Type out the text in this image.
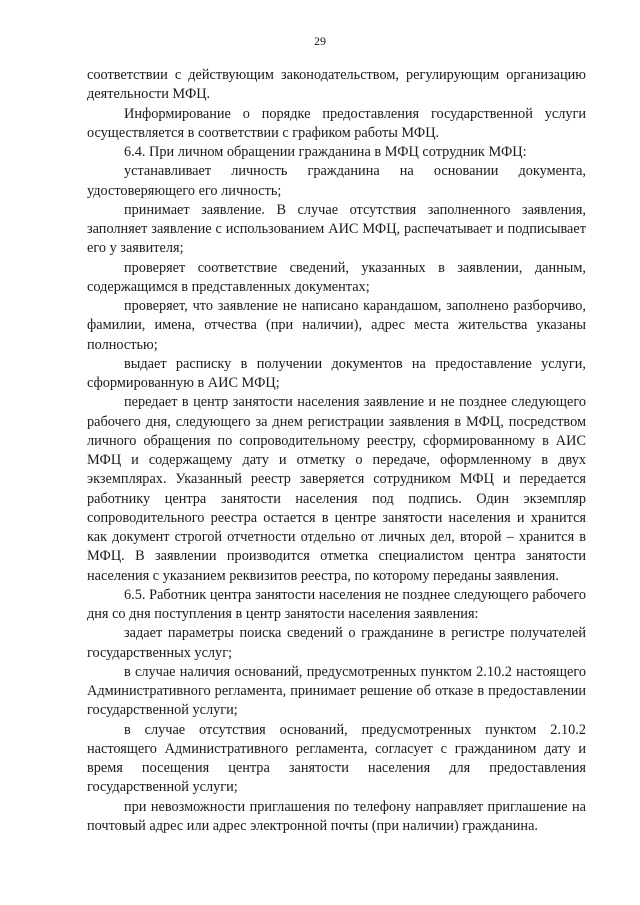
29

соответствии с действующим законодательством, регулирующим организацию деятельности МФЦ.

Информирование о порядке предоставления государственной услуги осуществляется в соответствии с графиком работы МФЦ.

6.4. При личном обращении гражданина в МФЦ сотрудник МФЦ:

устанавливает личность гражданина на основании документа, удостоверяющего его личность;

принимает заявление. В случае отсутствия заполненного заявления, заполняет заявление с использованием АИС МФЦ, распечатывает и подписывает его у заявителя;

проверяет соответствие сведений, указанных в заявлении, данным, содержащимся в представленных документах;

проверяет, что заявление не написано карандашом, заполнено разборчиво, фамилии, имена, отчества (при наличии), адрес места жительства указаны полностью;

выдает расписку в получении документов на предоставление услуги, сформированную в АИС МФЦ;

передает в центр занятости населения заявление и не позднее следующего рабочего дня, следующего за днем регистрации заявления в МФЦ, посредством личного обращения по сопроводительному реестру, сформированному в АИС МФЦ и содержащему дату и отметку о передаче, оформленному в двух экземплярах. Указанный реестр заверяется сотрудником МФЦ и передается работнику центра занятости населения под подпись. Один экземпляр сопроводительного реестра остается в центре занятости населения и хранится как документ строгой отчетности отдельно от личных дел, второй – хранится в МФЦ. В заявлении производится отметка специалистом центра занятости населения с указанием реквизитов реестра, по которому переданы заявления.

6.5. Работник центра занятости населения не позднее следующего рабочего дня со дня поступления в центр занятости населения заявления:

задает параметры поиска сведений о гражданине в регистре получателей государственных услуг;

в случае наличия оснований, предусмотренных пунктом 2.10.2 настоящего Административного регламента, принимает решение об отказе в предоставлении государственной услуги;

в случае отсутствия оснований, предусмотренных пунктом 2.10.2 настоящего Административного регламента, согласует с гражданином дату и время посещения центра занятости населения для предоставления государственной услуги;

при невозможности приглашения по телефону направляет приглашение на почтовый адрес или адрес электронной почты (при наличии) гражданина.
